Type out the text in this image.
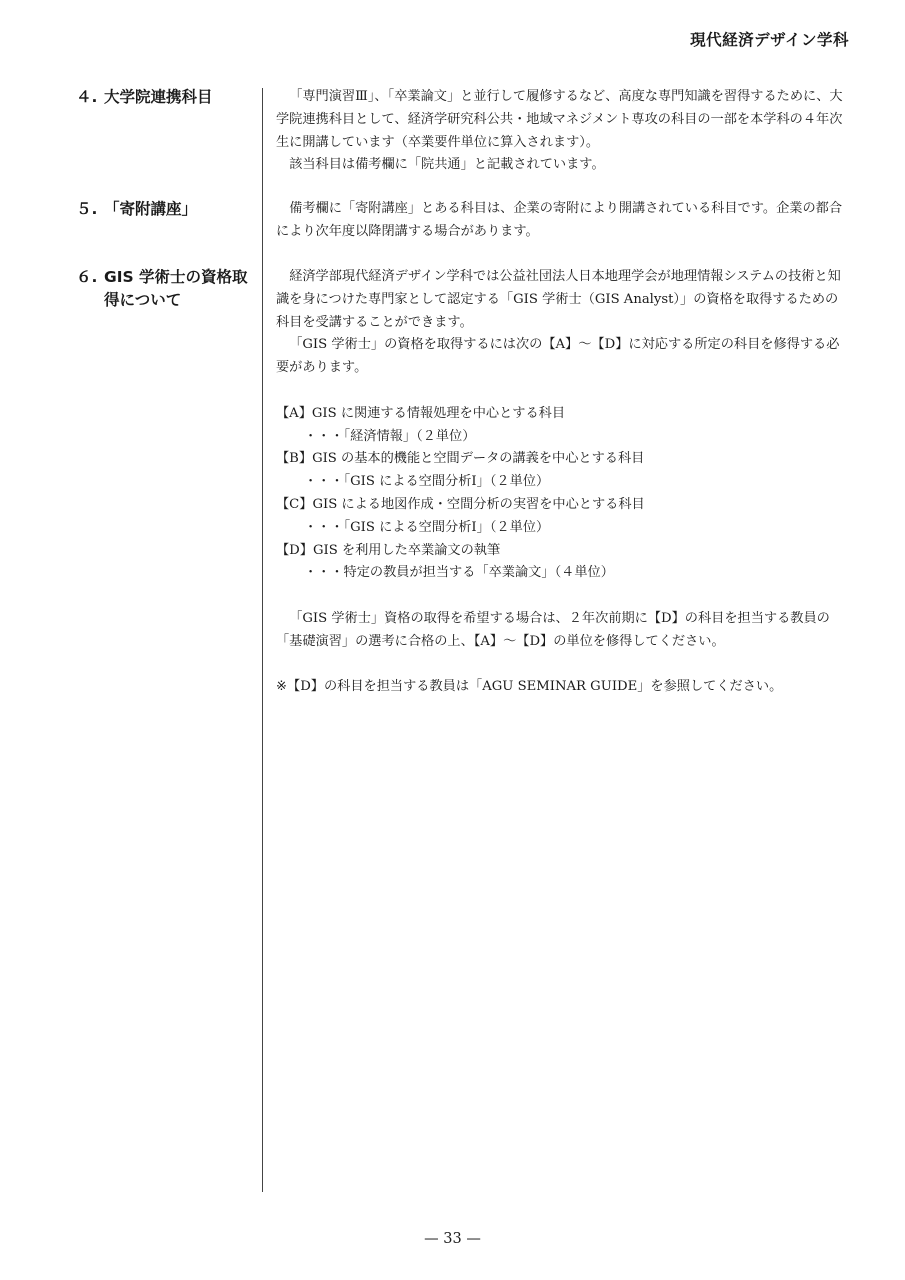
現代経済デザイン学科
４. 大学院連携科目	「専門演習Ⅲ」、「卒業論文」と並行して履修するなど、高度な専門知識を習得するために、大学院連携科目として、経済学研究科公共・地域マネジメント専攻の科目の一部を本学科の４年次生に開講しています（卒業要件単位に算入されます）。

該当科目は備考欄に「院共通」と記載されています。

５. 「寄附講座」	備考欄に「寄附講座」とある科目は、企業の寄附により開講されている科目です。企業の都合により次年度以降閉講する場合があります。

６. GIS 学術士の資格取
得について

経済学部現代経済デザイン学科では公益社団法人日本地理学会が地理情報システムの技術と知識を身につけた専門家として認定する「GIS 学術士（GIS Analyst）」の資格を取得するための科目を受講することができます。

「GIS 学術士」の資格を取得するには次の【A】〜【D】に対応する所定の科目を修得する必要があります。

【A】GIS に関連する情報処理を中心とする科目

・・・「経済情報」（２単位）

【B】GIS の基本的機能と空間データの講義を中心とする科目

・・・「GIS による空間分析Ⅰ」（２単位）

【C】GIS による地図作成・空間分析の実習を中心とする科目

・・・「GIS による空間分析Ⅰ」（２単位）

【D】GIS を利用した卒業論文の執筆

・・・特定の教員が担当する「卒業論文」（４単位）

「GIS 学術士」資格の取得を希望する場合は、２年次前期に【D】の科目を担当する教員の「基礎演習」の選考に合格の上、【A】〜【D】の単位を修得してください。

※【D】の科目を担当する教員は「AGU SEMINAR GUIDE」を参照してください。

— 33 —
